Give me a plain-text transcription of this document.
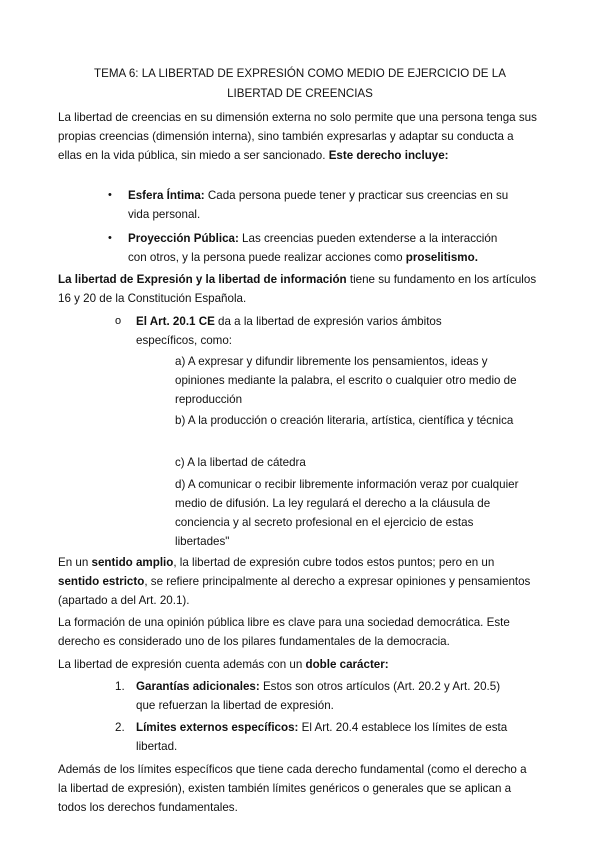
TEMA 6: LA LIBERTAD DE EXPRESIÓN COMO MEDIO DE EJERCICIO DE LA
LIBERTAD DE CREENCIAS

La libertad de creencias en su dimensión externa no solo permite que una persona tenga sus propias creencias (dimensión interna), sino también expresarlas y adaptar su conducta a ellas en la vida pública, sin miedo a ser sancionado. Este derecho incluye:

• Esfera Íntima: Cada persona puede tener y practicar sus creencias en su vida personal.

• Proyección Pública: Las creencias pueden extenderse a la interacción con otros, y la persona puede realizar acciones como proselitismo.

La libertad de Expresión y la libertad de información tiene su fundamento en los artículos 16 y 20 de la Constitución Española.

o El Art. 20.1 CE da a la libertad de expresión varios ámbitos específicos, como:

a) A expresar y difundir libremente los pensamientos, ideas y opiniones mediante la palabra, el escrito o cualquier otro medio de reproducción

b) A la producción o creación literaria, artística, científica y técnica

c) A la libertad de cátedra

d) A comunicar o recibir libremente información veraz por cualquier medio de difusión. La ley regulará el derecho a la cláusula de conciencia y al secreto profesional en el ejercicio de estas libertades"

En un sentido amplio, la libertad de expresión cubre todos estos puntos; pero en un sentido estricto, se refiere principalmente al derecho a expresar opiniones y pensamientos (apartado a del Art. 20.1).

La formación de una opinión pública libre es clave para una sociedad democrática. Este derecho es considerado uno de los pilares fundamentales de la democracia.

La libertad de expresión cuenta además con un doble carácter:

1. Garantías adicionales: Estos son otros artículos (Art. 20.2 y Art. 20.5) que refuerzan la libertad de expresión.

2. Límites externos específicos: El Art. 20.4 establece los límites de esta libertad.

Además de los límites específicos que tiene cada derecho fundamental (como el derecho a la libertad de expresión), existen también límites genéricos o generales que se aplican a todos los derechos fundamentales.
